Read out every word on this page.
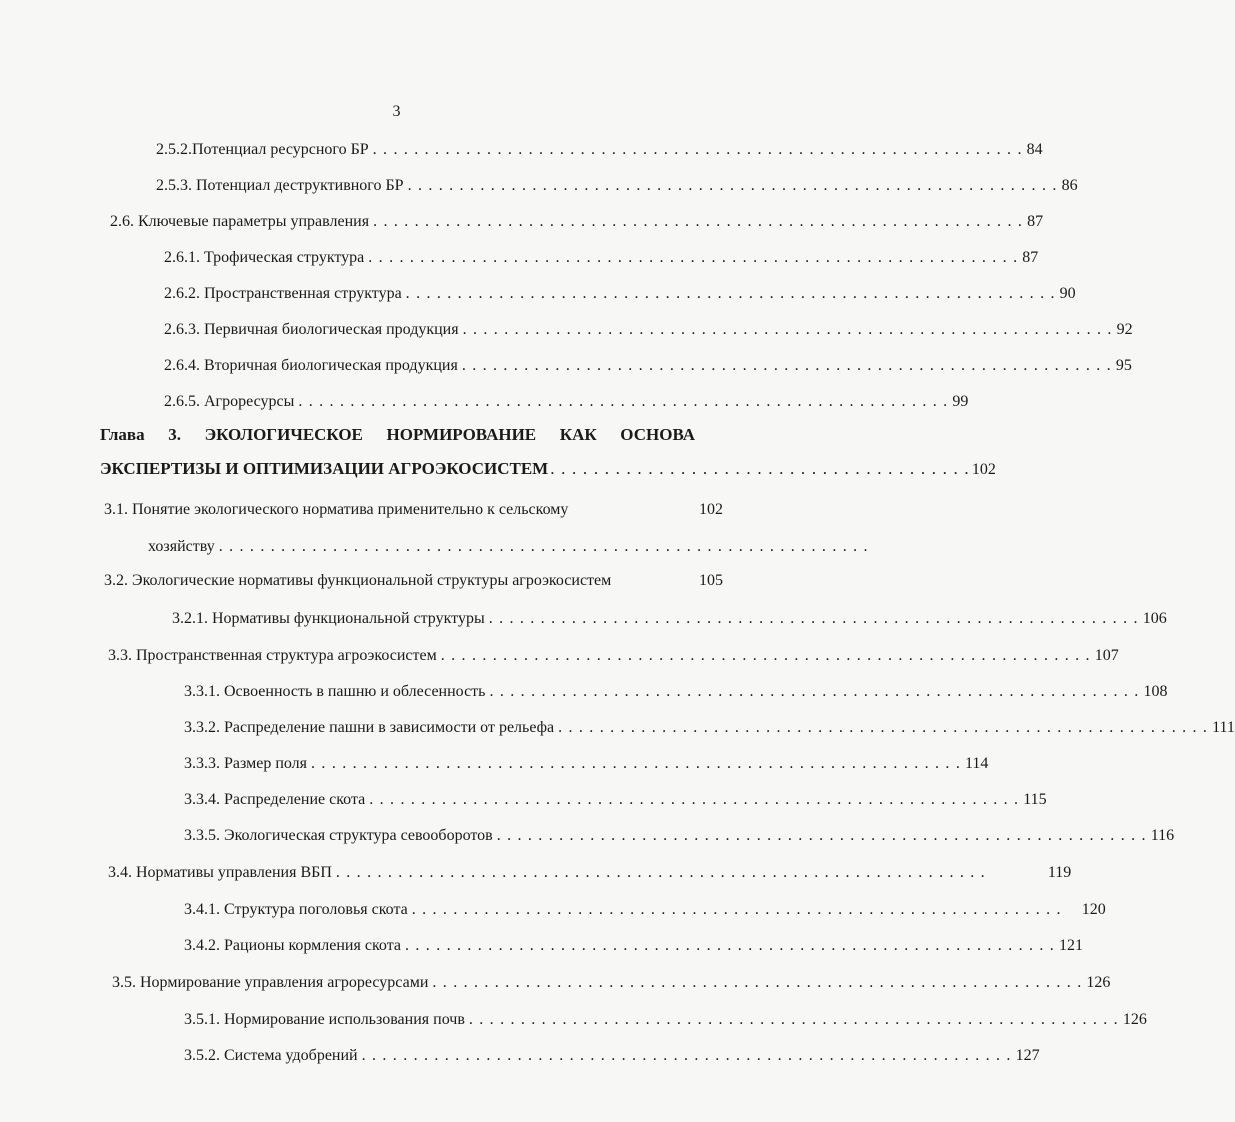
3
2.5.2.Потенциал ресурсного БР . . . . . . . . . . . . . . . . . . . . . . . . . . . . . . . . . . . . . . . . . . . . . . . . . . . . . . . . . . . . . . . 84
2.5.3. Потенциал деструктивного БР . . . . . . . . . . . . . . . . . . . . . . . . . . . . . . . . . . . . . . . . . . . . . . . . . . . . . . . . . . . . . . . 86
2.6. Ключевые параметры управления . . . . . . . . . . . . . . . . . . . . . . . . . . . . . . . . . . . . . . . . . . . . . . . . . . . . . . . . . . . . . . . 87
2.6.1. Трофическая структура . . . . . . . . . . . . . . . . . . . . . . . . . . . . . . . . . . . . . . . . . . . . . . . . . . . . . . . . . . . . . . . 87
2.6.2. Пространственная структура . . . . . . . . . . . . . . . . . . . . . . . . . . . . . . . . . . . . . . . . . . . . . . . . . . . . . . . . . . . . . . . 90
2.6.3. Первичная биологическая продукция . . . . . . . . . . . . . . . . . . . . . . . . . . . . . . . . . . . . . . . . . . . . . . . . . . . . . . . . . . . . . . . 92
2.6.4. Вторичная биологическая продукция . . . . . . . . . . . . . . . . . . . . . . . . . . . . . . . . . . . . . . . . . . . . . . . . . . . . . . . . . . . . . . . 95
2.6.5. Агроресурсы . . . . . . . . . . . . . . . . . . . . . . . . . . . . . . . . . . . . . . . . . . . . . . . . . . . . . . . . . . . . . . . 99
Глава 3. ЭКОЛОГИЧЕСКОЕ НОРМИРОВАНИЕ КАК ОСНОВА
ЭКСПЕРТИЗЫ И ОПТИМИЗАЦИИ АГРОЭКОСИСТЕМ . . . . . . . . . . . . . . . . . . . . . . . . . . . . . . . . . . . . . . . 102
3.1. Понятие экологического норматива применительно к сельскому	102
хозяйству . . . . . . . . . . . . . . . . . . . . . . . . . . . . . . . . . . . . . . . . . . . . . . . . . . . . . . . . . . . . . . .
3.2. Экологические нормативы функциональной структуры агроэкосистем	105
3.2.1. Нормативы функциональной структуры . . . . . . . . . . . . . . . . . . . . . . . . . . . . . . . . . . . . . . . . . . . . . . . . . . . . . . . . . . . . . . . 106
3.3. Пространственная структура агроэкосистем . . . . . . . . . . . . . . . . . . . . . . . . . . . . . . . . . . . . . . . . . . . . . . . . . . . . . . . . . . . . . . . 107
3.3.1. Освоенность в пашню и облесенность . . . . . . . . . . . . . . . . . . . . . . . . . . . . . . . . . . . . . . . . . . . . . . . . . . . . . . . . . . . . . . . 108
3.3.2. Распределение пашни в зависимости от рельефа . . . . . . . . . . . . . . . . . . . . . . . . . . . . . . . . . . . . . . . . . . . . . . . . . . . . . . . . . . . . . . . 111
3.3.3. Размер поля . . . . . . . . . . . . . . . . . . . . . . . . . . . . . . . . . . . . . . . . . . . . . . . . . . . . . . . . . . . . . . . 114
3.3.4. Распределение скота . . . . . . . . . . . . . . . . . . . . . . . . . . . . . . . . . . . . . . . . . . . . . . . . . . . . . . . . . . . . . . . 115
3.3.5. Экологическая структура севооборотов . . . . . . . . . . . . . . . . . . . . . . . . . . . . . . . . . . . . . . . . . . . . . . . . . . . . . . . . . . . . . . . 116
3.4. Нормативы управления ВБП . . . . . . . . . . . . . . . . . . . . . . . . . . . . . . . . . . . . . . . . . . . . . . . . . . . . . . . . . . . . . . .	119
3.4.1. Структура поголовья скота . . . . . . . . . . . . . . . . . . . . . . . . . . . . . . . . . . . . . . . . . . . . . . . . . . . . . . . . . . . . . . . 120
3.4.2. Рационы кормления скота . . . . . . . . . . . . . . . . . . . . . . . . . . . . . . . . . . . . . . . . . . . . . . . . . . . . . . . . . . . . . . . 121
3.5. Нормирование управления агроресурсами . . . . . . . . . . . . . . . . . . . . . . . . . . . . . . . . . . . . . . . . . . . . . . . . . . . . . . . . . . . . . . . 126
3.5.1. Нормирование использования почв . . . . . . . . . . . . . . . . . . . . . . . . . . . . . . . . . . . . . . . . . . . . . . . . . . . . . . . . . . . . . . . 126
3.5.2. Система удобрений . . . . . . . . . . . . . . . . . . . . . . . . . . . . . . . . . . . . . . . . . . . . . . . . . . . . . . . . . . . . . . . 127
